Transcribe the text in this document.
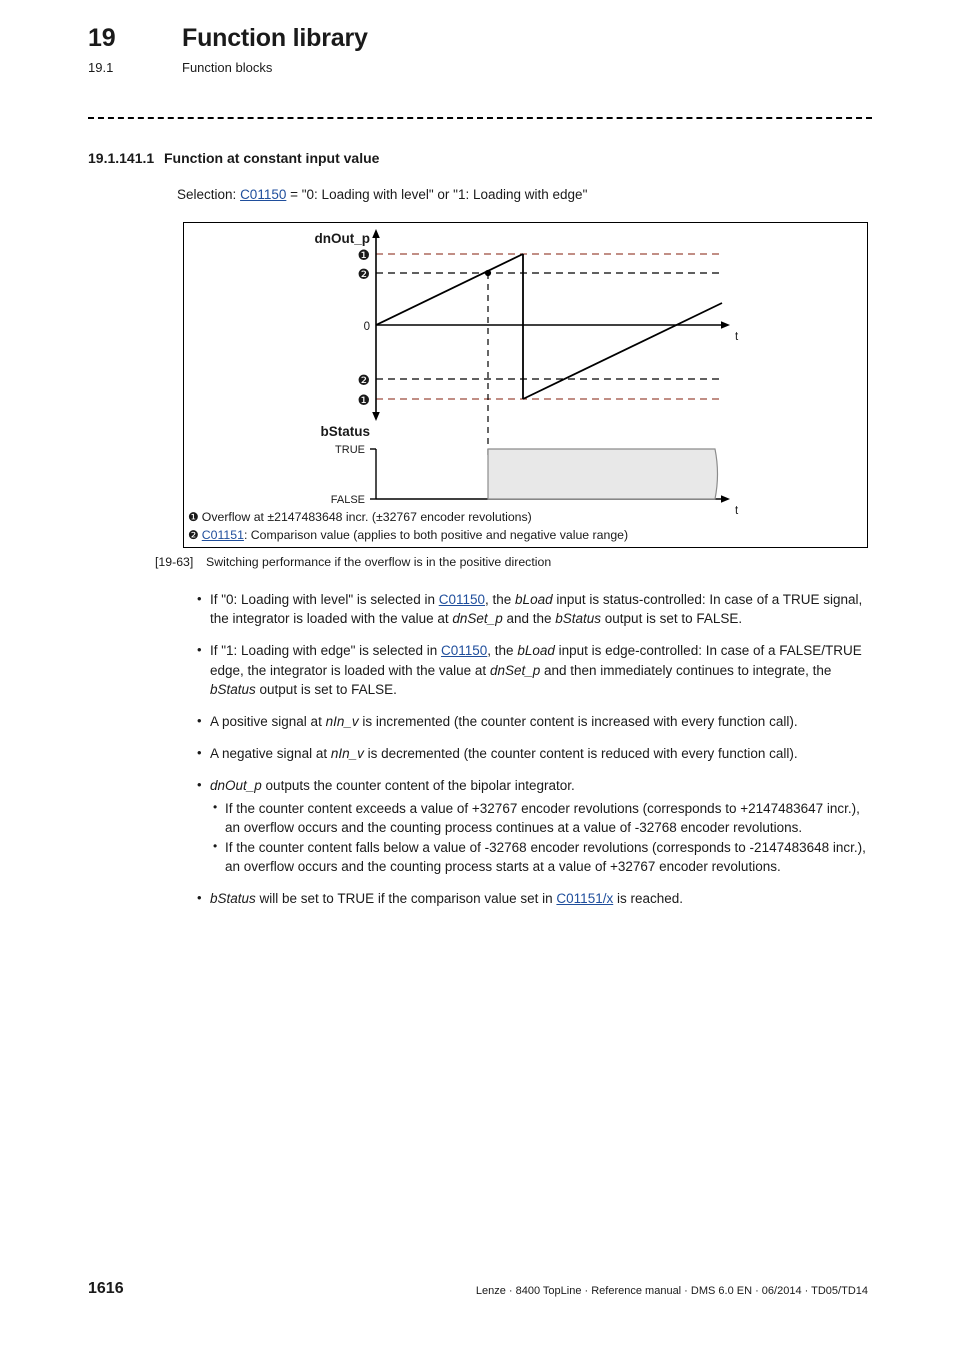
19	Function library
19.1	Function blocks
19.1.141.1 Function at constant input value
Selection: C01150 = "0: Loading with level" or "1: Loading with edge"
dnOut_p
0
❶
❷
❷
❶
t
bStatus
TRUE
FALSE
t
❶ Overflow at ±2147483648 incr. (±32767 encoder revolutions)
❷ C01151: Comparison value (applies to both positive and negative value range)
[19-63] Switching performance if the overflow is in the positive direction
• If "0: Loading with level" is selected in C01150, the bLoad input is status-controlled: In case of a TRUE signal, the integrator is loaded with the value at dnSet_p and the bStatus output is set to FALSE.
• If "1: Loading with edge" is selected in C01150, the bLoad input is edge-controlled: In case of a FALSE/TRUE edge, the integrator is loaded with the value at dnSet_p and then immediately continues to integrate, the bStatus output is set to FALSE.
• A positive signal at nIn_v is incremented (the counter content is increased with every function call).
• A negative signal at nIn_v is decremented (the counter content is reduced with every function call).
• dnOut_p outputs the counter content of the bipolar integrator.
• If the counter content exceeds a value of +32767 encoder revolutions (corresponds to +2147483647 incr.), an overflow occurs and the counting process continues at a value of -32768 encoder revolutions.
• If the counter content falls below a value of -32768 encoder revolutions (corresponds to -2147483648 incr.), an overflow occurs and the counting process starts at a value of +32767 encoder revolutions.
• bStatus will be set to TRUE if the comparison value set in C01151/x is reached.
1616	Lenze · 8400 TopLine · Reference manual · DMS 6.0 EN · 06/2014 · TD05/TD14
